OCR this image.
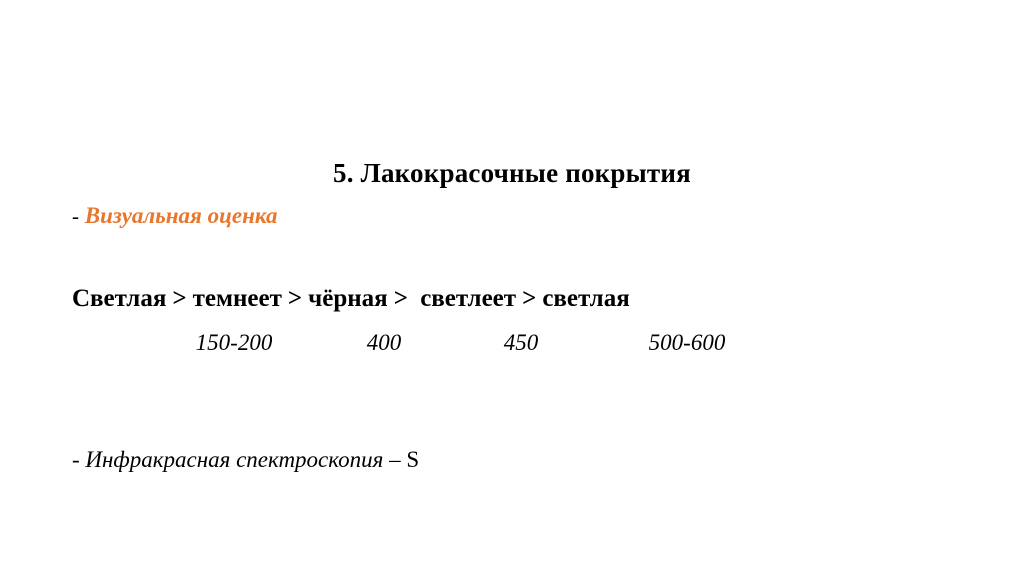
5. Лакокрасочные покрытия
- Визуальная оценка
Светлая > темнеет > чёрная > светлеет > светлая
150-200	400	450	500-600
- Инфракрасная спектроскопия – S
